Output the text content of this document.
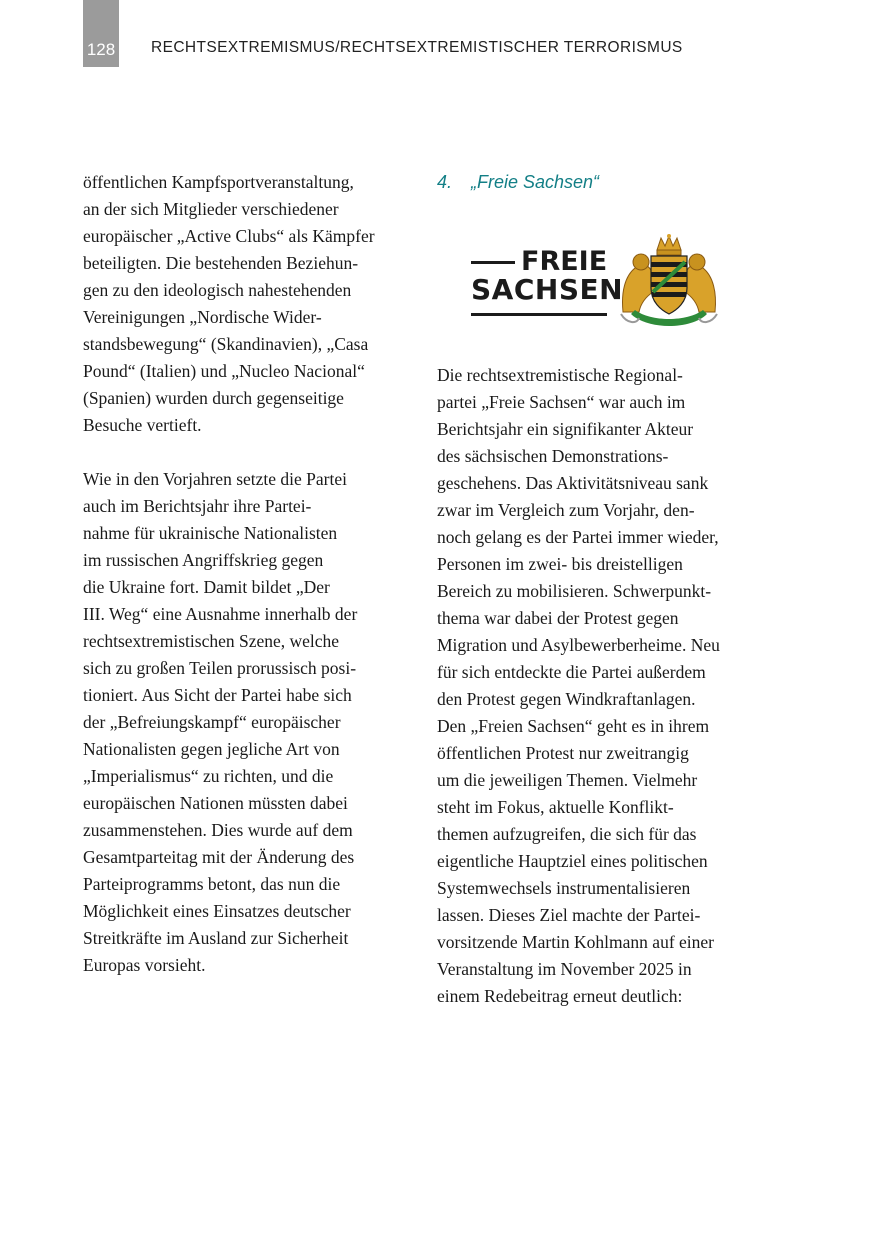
128 RECHTSEXTREMISMUS/RECHTSEXTREMISTISCHER TERRORISMUS

öffentlichen Kampfsportveranstaltung,

an der sich Mitglieder verschiedener

europäischer „Active Clubs“ als Kämpfer

beteiligten. Die bestehenden Beziehun-

gen zu den ideologisch nahestehenden

Vereinigungen „Nordische Wider-

standsbewegung“ (Skandinavien), „Casa

Pound“ (Italien) und „Nucleo Nacional“

(Spanien) wurden durch gegenseitige

Besuche vertieft.

Wie in den Vorjahren setzte die Partei

auch im Berichtsjahr ihre Partei-

nahme für ukrainische Nationalisten

im russischen Angriffskrieg gegen

die Ukraine fort. Damit bildet „Der

III. Weg“ eine Ausnahme innerhalb der

rechtsextremistischen Szene, welche

sich zu großen Teilen prorussisch posi-

tioniert. Aus Sicht der Partei habe sich

der „Befreiungskampf“ europäischer

Nationalisten gegen jegliche Art von

„Imperialismus“ zu richten, und die

europäischen Nationen müssten dabei

zusammenstehen. Dies wurde auf dem

Gesamtparteitag mit der Änderung des

Parteiprogramms betont, das nun die

Möglichkeit eines Einsatzes deutscher

Streitkräfte im Ausland zur Sicherheit

Europas vorsieht.

4. „Freie Sachsen“
FREIE
SACHSEN

Die rechtsextremistische Regional-

partei „Freie Sachsen“ war auch im

Berichtsjahr ein signifikanter Akteur

des sächsischen Demonstrations-

geschehens. Das Aktivitätsniveau sank

zwar im Vergleich zum Vorjahr, den-

noch gelang es der Partei immer wieder,

Personen im zwei- bis dreistelligen

Bereich zu mobilisieren. Schwerpunkt-

thema war dabei der Protest gegen

Migration und Asylbewerberheime. Neu

für sich entdeckte die Partei außerdem

den Protest gegen Windkraftanlagen.

Den „Freien Sachsen“ geht es in ihrem

öffentlichen Protest nur zweitrangig

um die jeweiligen Themen. Vielmehr

steht im Fokus, aktuelle Konflikt-

themen aufzugreifen, die sich für das

eigentliche Hauptziel eines politischen

Systemwechsels instrumentalisieren

lassen. Dieses Ziel machte der Partei-

vorsitzende Martin Kohlmann auf einer

Veranstaltung im November 2025 in

einem Redebeitrag erneut deutlich:
